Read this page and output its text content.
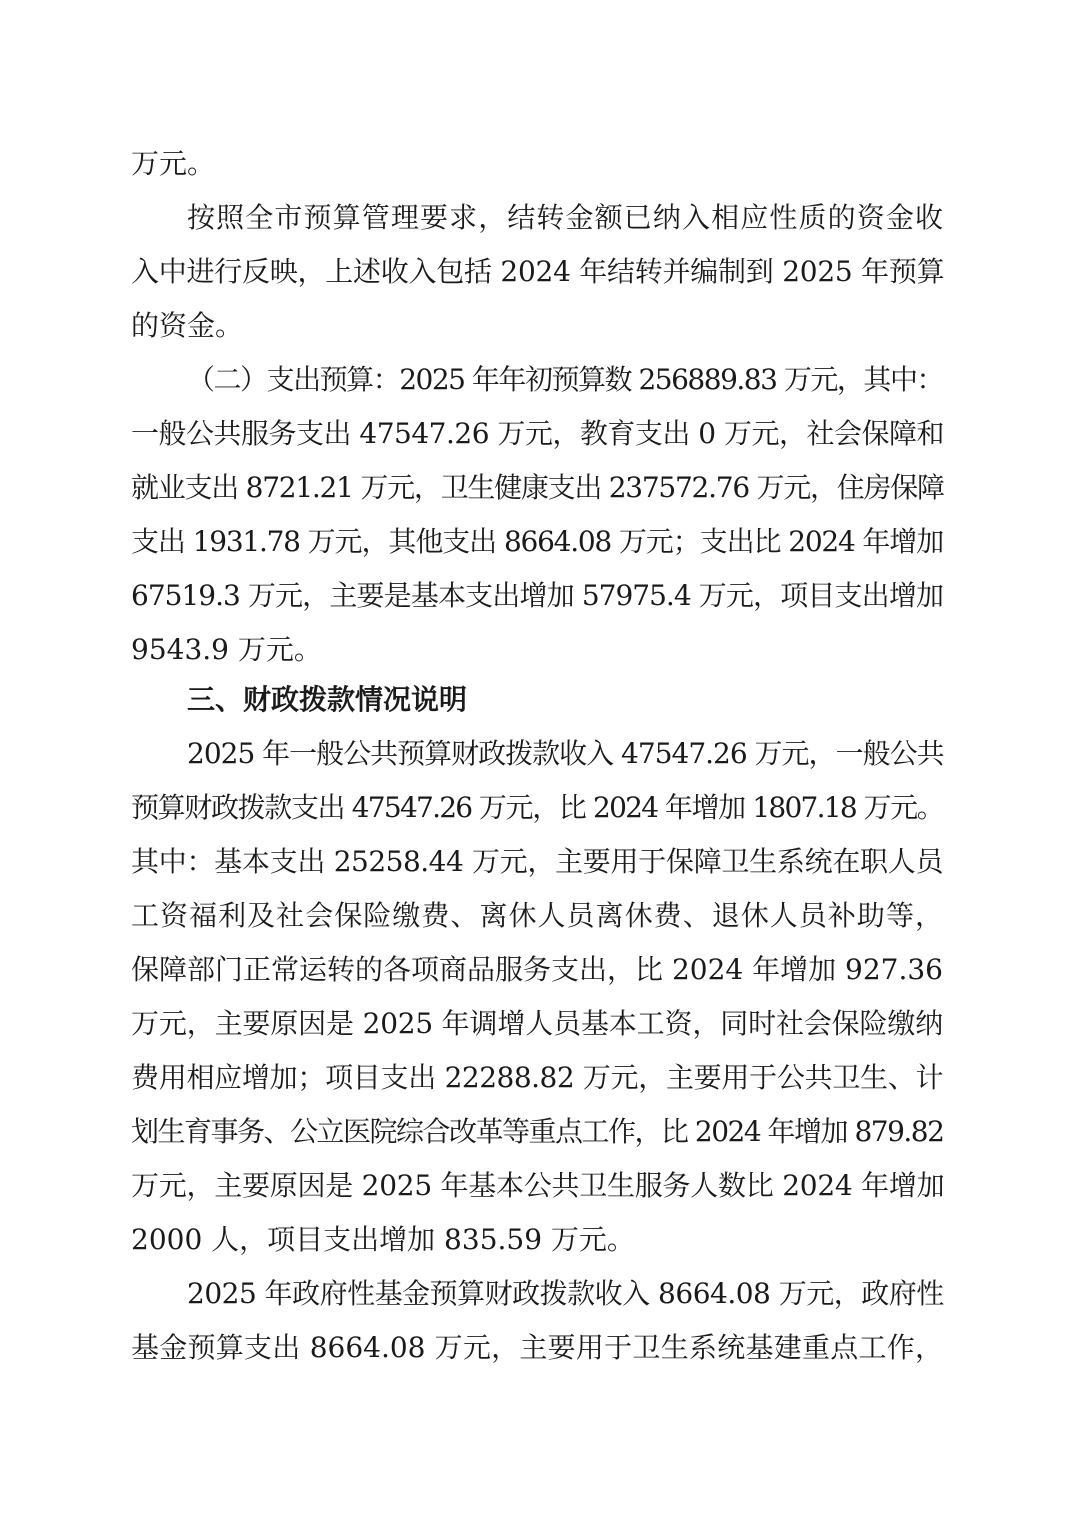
万元。

按照全市预算管理要求，结转金额已纳入相应性质的资金收

入中进行反映，上述收入包括 2024 年结转并编制到 2025 年预算

的资金。

（二）支出预算：2025 年年初预算数 256889.83 万元，其中：

一般公共服务支出 47547.26 万元，教育支出 0 万元，社会保障和

就业支出 8721.21 万元，卫生健康支出 237572.76 万元，住房保障

支出 1931.78 万元，其他支出 8664.08 万元；支出比 2024 年增加

67519.3 万元，主要是基本支出增加 57975.4 万元，项目支出增加

9543.9 万元。

三、财政拨款情况说明

2025 年一般公共预算财政拨款收入 47547.26 万元，一般公共

预算财政拨款支出 47547.26 万元，比 2024 年增加 1807.18 万元。

其中：基本支出 25258.44 万元，主要用于保障卫生系统在职人员

工资福利及社会保险缴费、离休人员离休费、退休人员补助等，

保障部门正常运转的各项商品服务支出，比 2024 年增加 927.36

万元，主要原因是 2025 年调增人员基本工资，同时社会保险缴纳

费用相应增加；项目支出 22288.82 万元，主要用于公共卫生、计

划生育事务、公立医院综合改革等重点工作，比 2024 年增加 879.82

万元，主要原因是 2025 年基本公共卫生服务人数比 2024 年增加

2000 人，项目支出增加 835.59 万元。

2025 年政府性基金预算财政拨款收入 8664.08 万元，政府性

基金预算支出 8664.08 万元，主要用于卫生系统基建重点工作，
